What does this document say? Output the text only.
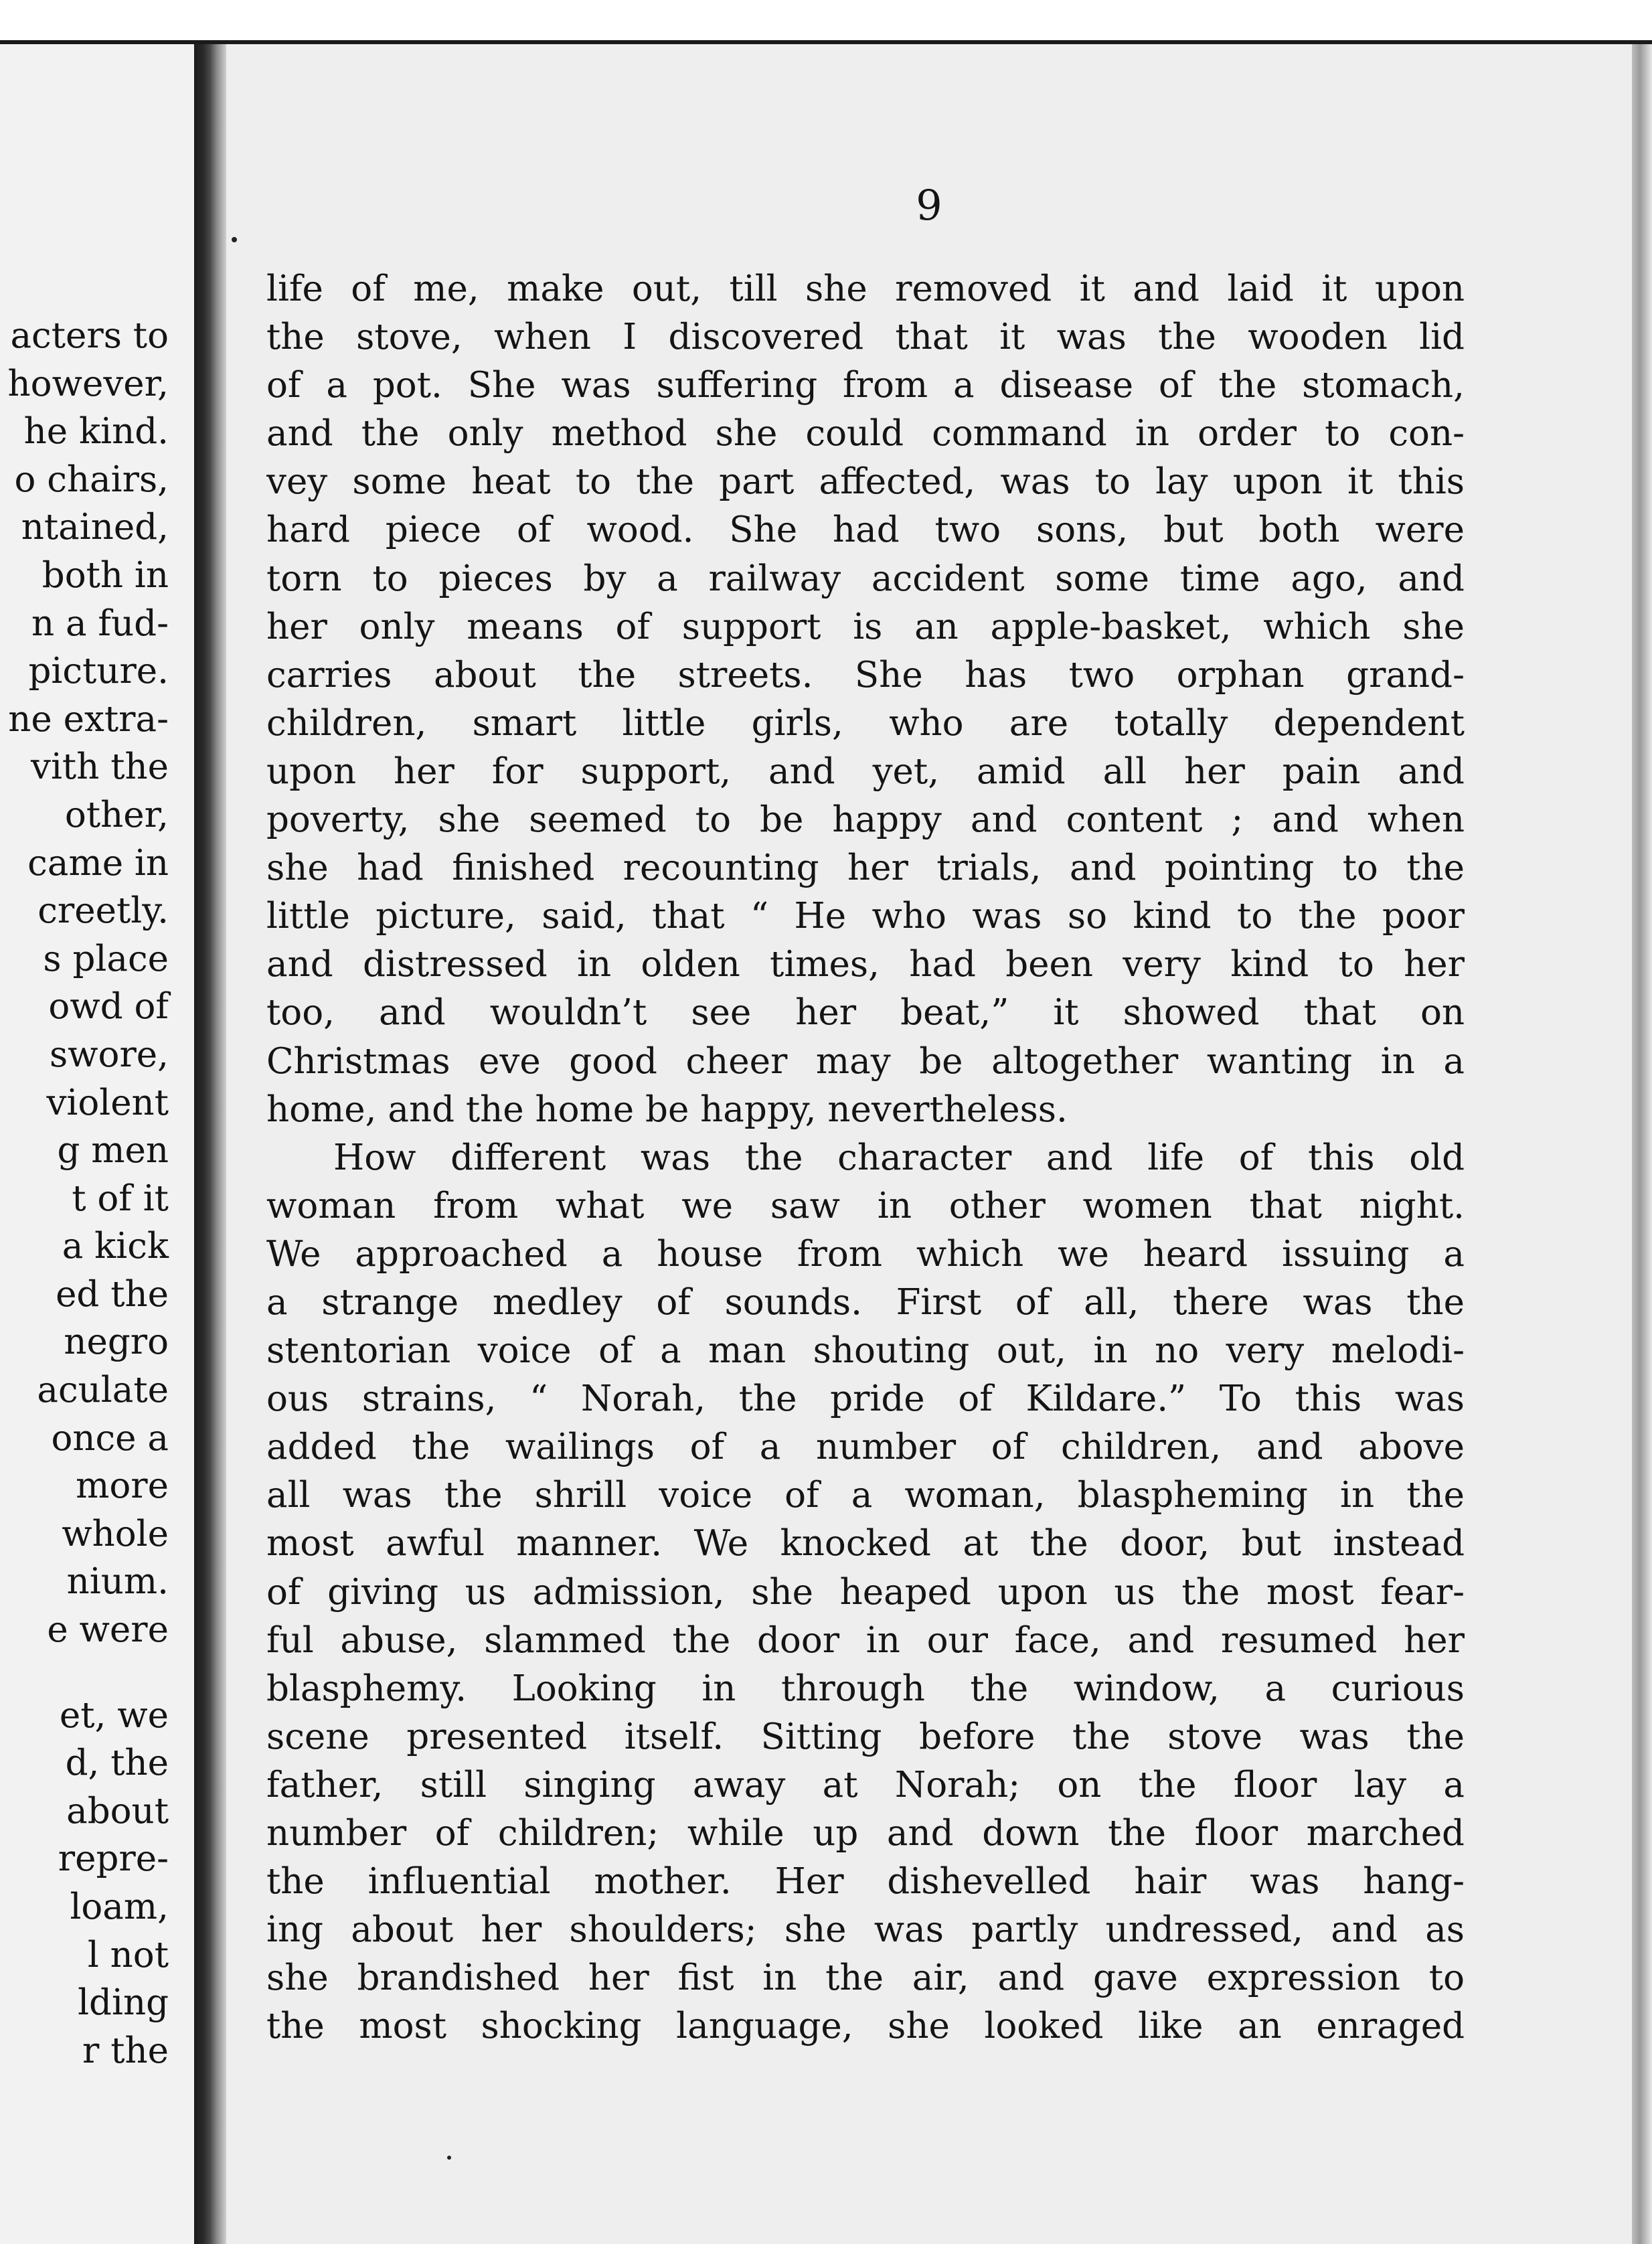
acters to
however,
he kind.
o chairs,
ntained,
both in
n a fud-
picture.
ne extra-
vith the
other,
came in
creetly.
s place
owd of
swore,
violent
g men
t of it
a kick
ed the
negro
aculate
once a
more
whole
nium.
e were
et, we
d, the
about
repre-
loam,
l not
lding
r the
9
life of me, make out, till she removed it and laid it upon
the stove, when I discovered that it was the wooden lid
of a pot. She was suffering from a disease of the stomach,
and the only method she could command in order to con-
vey some heat to the part affected, was to lay upon it this
hard piece of wood. She had two sons, but both were
torn to pieces by a railway accident some time ago, and
her only means of support is an apple-basket, which she
carries about the streets. She has two orphan grand-
children, smart little girls, who are totally dependent
upon her for support, and yet, amid all her pain and
poverty, she seemed to be happy and content ; and when
she had finished recounting her trials, and pointing to the
little picture, said, that “ He who was so kind to the poor
and distressed in olden times, had been very kind to her
too, and wouldn’t see her beat,” it showed that on
Christmas eve good cheer may be altogether wanting in a
home, and the home be happy, nevertheless.
How different was the character and life of this old
woman from what we saw in other women that night.
We approached a house from which we heard issuing a
a strange medley of sounds. First of all, there was the
stentorian voice of a man shouting out, in no very melodi-
ous strains, “ Norah, the pride of Kildare.” To this was
added the wailings of a number of children, and above
all was the shrill voice of a woman, blaspheming in the
most awful manner. We knocked at the door, but instead
of giving us admission, she heaped upon us the most fear-
ful abuse, slammed the door in our face, and resumed her
blasphemy. Looking in through the window, a curious
scene presented itself. Sitting before the stove was the
father, still singing away at Norah; on the floor lay a
number of children; while up and down the floor marched
the influential mother. Her dishevelled hair was hang-
ing about her shoulders; she was partly undressed, and as
she brandished her fist in the air, and gave expression to
the most shocking language, she looked like an enraged
